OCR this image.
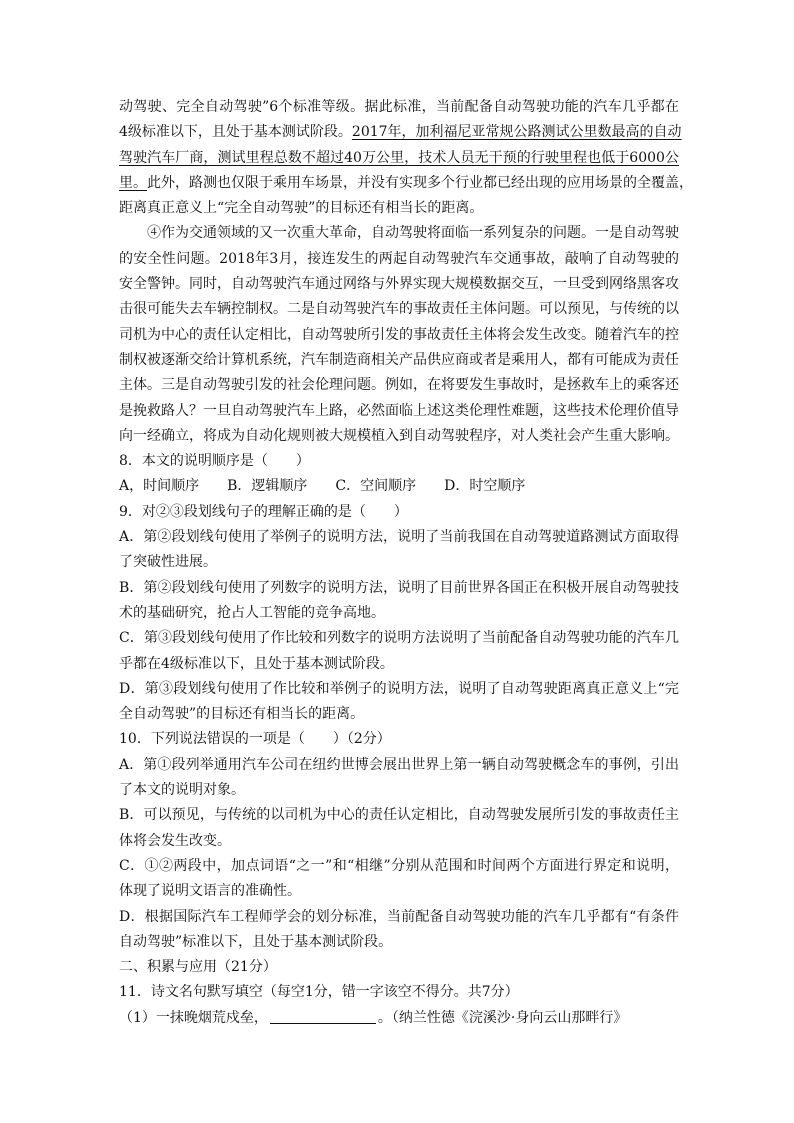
动驾驶、完全自动驾驶”6个标准等级。据此标准，当前配备自动驾驶功能的汽车几乎都在
4级标准以下，且处于基本测试阶段。2017年，加利福尼亚常规公路测试公里数最高的自动
驾驶汽车厂商，测试里程总数不超过40万公里，技术人员无干预的行驶里程也低于6000公
里。此外，路测也仅限于乘用车场景，并没有实现多个行业都已经出现的应用场景的全覆盖，
距离真正意义上“完全自动驾驶”的目标还有相当长的距离。
④作为交通领域的又一次重大革命，自动驾驶将面临一系列复杂的问题。一是自动驾驶
的安全性问题。2018年3月，接连发生的两起自动驾驶汽车交通事故，敲响了自动驾驶的
安全警钟。同时，自动驾驶汽车通过网络与外界实现大规模数据交互，一旦受到网络黑客攻
击很可能失去车辆控制权。二是自动驾驶汽车的事故责任主体问题。可以预见，与传统的以
司机为中心的责任认定相比，自动驾驶所引发的事故责任主体将会发生改变。随着汽车的控
制权被逐渐交给计算机系统，汽车制造商相关产品供应商或者是乘用人，都有可能成为责任
主体。三是自动驾驶引发的社会伦理问题。例如，在将要发生事故时，是拯救车上的乘客还
是挽救路人？一旦自动驾驶汽车上路，必然面临上述这类伦理性难题，这些技术伦理价值导
向一经确立，将成为自动化规则被大规模植入到自动驾驶程序，对人类社会产生重大影响。
8．本文的说明顺序是（　　）
A，时间顺序 B．逻辑顺序 C．空间顺序 D．时空顺序
9．对②③段划线句子的理解正确的是（　　）
A．第②段划线句使用了举例子的说明方法，说明了当前我国在自动驾驶道路测试方面取得
了突破性进展。
B．第②段划线句使用了列数字的说明方法，说明了目前世界各国正在积极开展自动驾驶技
术的基础研究，抢占人工智能的竞争高地。
C．第③段划线句使用了作比较和列数字的说明方法说明了当前配备自动驾驶功能的汽车几
乎都在4级标准以下，且处于基本测试阶段。
D．第③段划线句使用了作比较和举例子的说明方法，说明了自动驾驶距离真正意义上“完
全自动驾驶”的目标还有相当长的距离。
10．下列说法错误的一项是（　　）（2分）
A．第①段列举通用汽车公司在纽约世博会展出世界上第一辆自动驾驶概念车的事例，引出
了本文的说明对象。
B．可以预见，与传统的以司机为中心的责任认定相比，自动驾驶发展所引发的事故责任主
体将会发生改变。
C．①②两段中，加点词语“之一”和“相继”分别从范围和时间两个方面进行界定和说明，
体现了说明文语言的准确性。
D．根据国际汽车工程师学会的划分标准，当前配备自动驾驶功能的汽车几乎都有“有条件
自动驾驶”标准以下，且处于基本测试阶段。
二、积累与应用（21分）
11．诗文名句默写填空（每空1分，错一字该空不得分。共7分）
（1）一抹晚烟荒戍垒，	。（纳兰性德《浣溪沙·身向云山那畔行》
